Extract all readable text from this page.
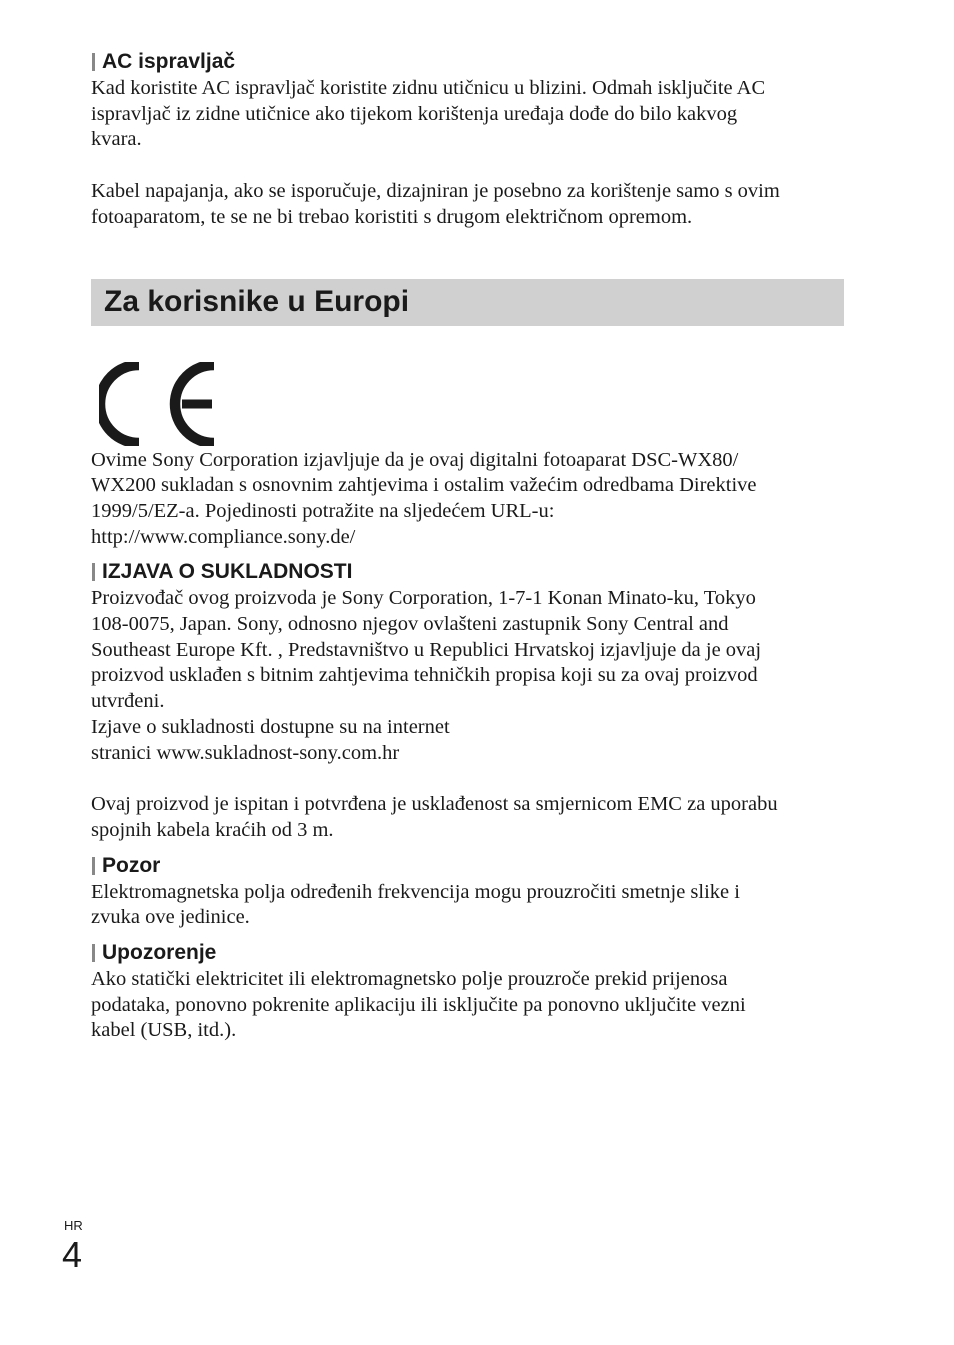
AC ispravljač

Kad koristite AC ispravljač koristite zidnu utičnicu u blizini. Odmah isključite AC
ispravljač iz zidne utičnice ako tijekom korištenja uređaja dođe do bilo kakvog
kvara.

Kabel napajanja, ako se isporučuje, dizajniran je posebno za korištenje samo s ovim
fotoaparatom, te se ne bi trebao koristiti s drugom električnom opremom.

Za korisnike u Europi

Ovime Sony Corporation izjavljuje da je ovaj digitalni fotoaparat DSC-WX80/
WX200 sukladan s osnovnim zahtjevima i ostalim važećim odredbama Direktive
1999/5/EZ-a. Pojedinosti potražite na sljedećem URL-u:
http://www.compliance.sony.de/

IZJAVA O SUKLADNOSTI

Proizvođač ovog proizvoda je Sony Corporation, 1-7-1 Konan Minato-ku, Tokyo
108-0075, Japan. Sony, odnosno njegov ovlašteni zastupnik Sony Central and
Southeast Europe Kft. , Predstavništvo u Republici Hrvatskoj izjavljuje da je ovaj
proizvod usklađen s bitnim zahtjevima tehničkih propisa koji su za ovaj proizvod
utvrđeni.
Izjave o sukladnosti dostupne su na internet
stranici www.sukladnost-sony.com.hr

Ovaj proizvod je ispitan i potvrđena je usklađenost sa smjernicom EMC za uporabu
spojnih kabela kraćih od 3 m.

Pozor

Elektromagnetska polja određenih frekvencija mogu prouzročiti smetnje slike i
zvuka ove jedinice.

Upozorenje

Ako statički elektricitet ili elektromagnetsko polje prouzroče prekid prijenosa
podataka, ponovno pokrenite aplikaciju ili isključite pa ponovno uključite vezni
kabel (USB, itd.).

HR
4
